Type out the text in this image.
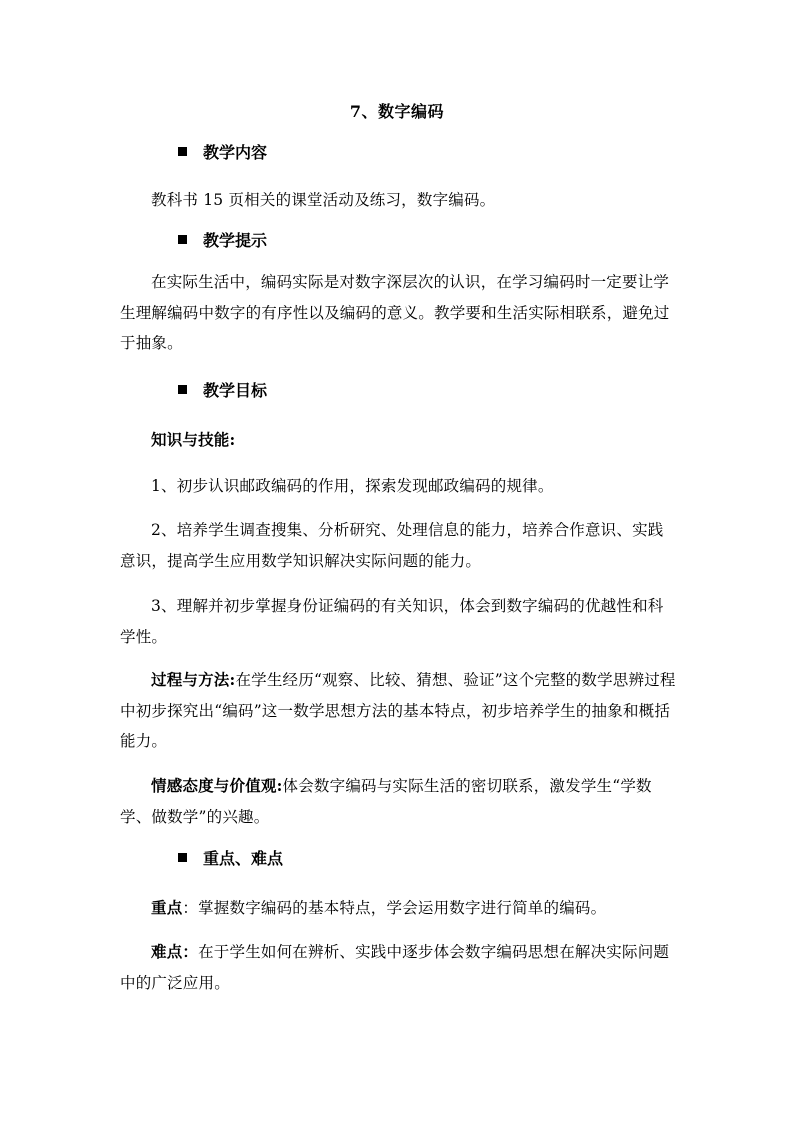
7、数字编码
教学内容
教科书 15 页相关的课堂活动及练习，数字编码。
教学提示
在实际生活中，编码实际是对数字深层次的认识，在学习编码时一定要让学生理解编码中数字的有序性以及编码的意义。教学要和生活实际相联系，避免过于抽象。
教学目标
知识与技能:
1、初步认识邮政编码的作用，探索发现邮政编码的规律。
2、培养学生调查搜集、分析研究、处理信息的能力，培养合作意识、实践意识，提高学生应用数学知识解决实际问题的能力。
3、理解并初步掌握身份证编码的有关知识，体会到数字编码的优越性和科学性。
过程与方法:在学生经历“观察、比较、猜想、验证”这个完整的数学思辨过程中初步探究出“编码”这一数学思想方法的基本特点，初步培养学生的抽象和概括能力。
情感态度与价值观:体会数字编码与实际生活的密切联系，激发学生“学数学、做数学”的兴趣。
重点、难点
重点：掌握数字编码的基本特点，学会运用数字进行简单的编码。
难点：在于学生如何在辨析、实践中逐步体会数字编码思想在解决实际问题中的广泛应用。
